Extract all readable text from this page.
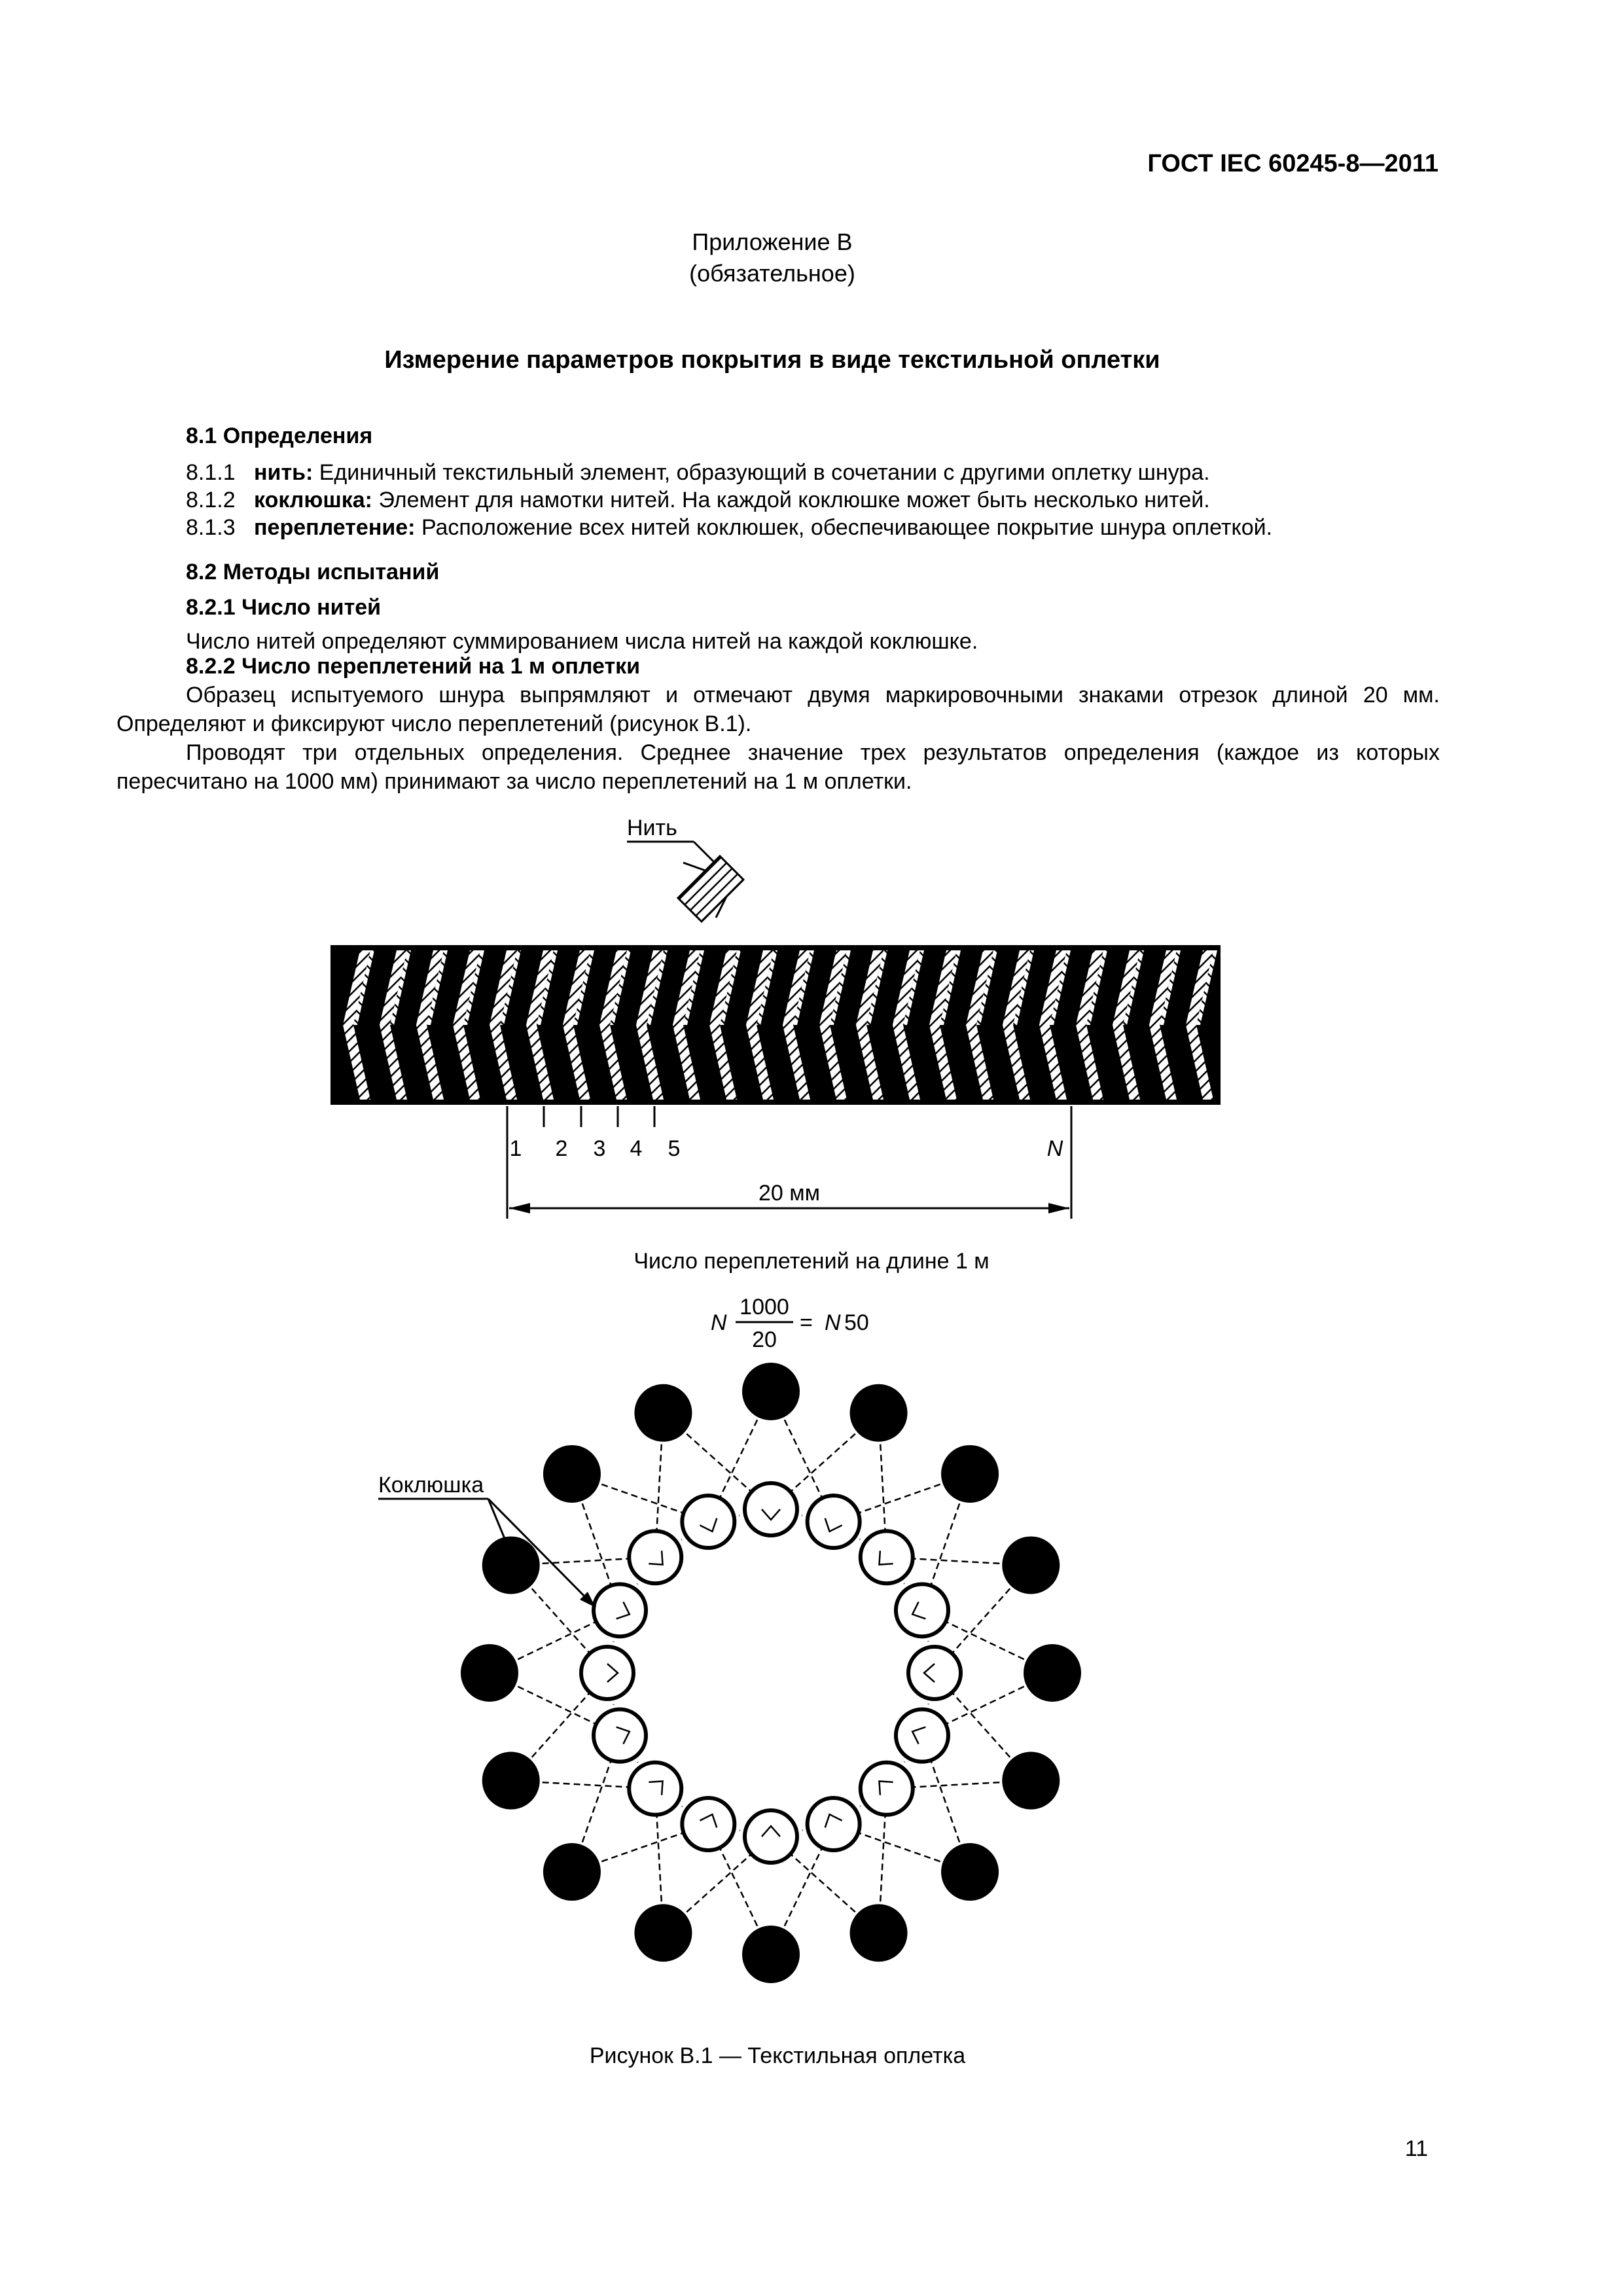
ГОСТ IEC 60245-8—2011
Приложение В
(обязательное)
Измерение параметров покрытия в виде текстильной оплетки
8.1 Определения
8.1.1 нить: Единичный текстильный элемент, образующий в сочетании с другими оплетку шнура.
8.1.2 коклюшка: Элемент для намотки нитей. На каждой коклюшке может быть несколько нитей.
8.1.3 переплетение: Расположение всех нитей коклюшек, обеспечивающее покрытие шнура оплеткой.
8.2 Методы испытаний
8.2.1 Число нитей
Число нитей определяют суммированием числа нитей на каждой коклюшке.
8.2.2 Число переплетений на 1 м оплетки
Образец испытуемого шнура выпрямляют и отмечают двумя маркировочными знаками отрезок длиной 20 мм. Определяют и фиксируют число переплетений (рисунок В.1).
Проводят три отдельных определения. Среднее значение трех результатов определения (каждое из которых пересчитано на 1000 мм) принимают за число переплетений на 1 м оплетки.
Нить
1 2 3 4 5	N
20 мм
Число переплетений на длине 1 м
N
1000
20
= N 50
Коклюшка
Рисунок В.1 — Текстильная оплетка
11
